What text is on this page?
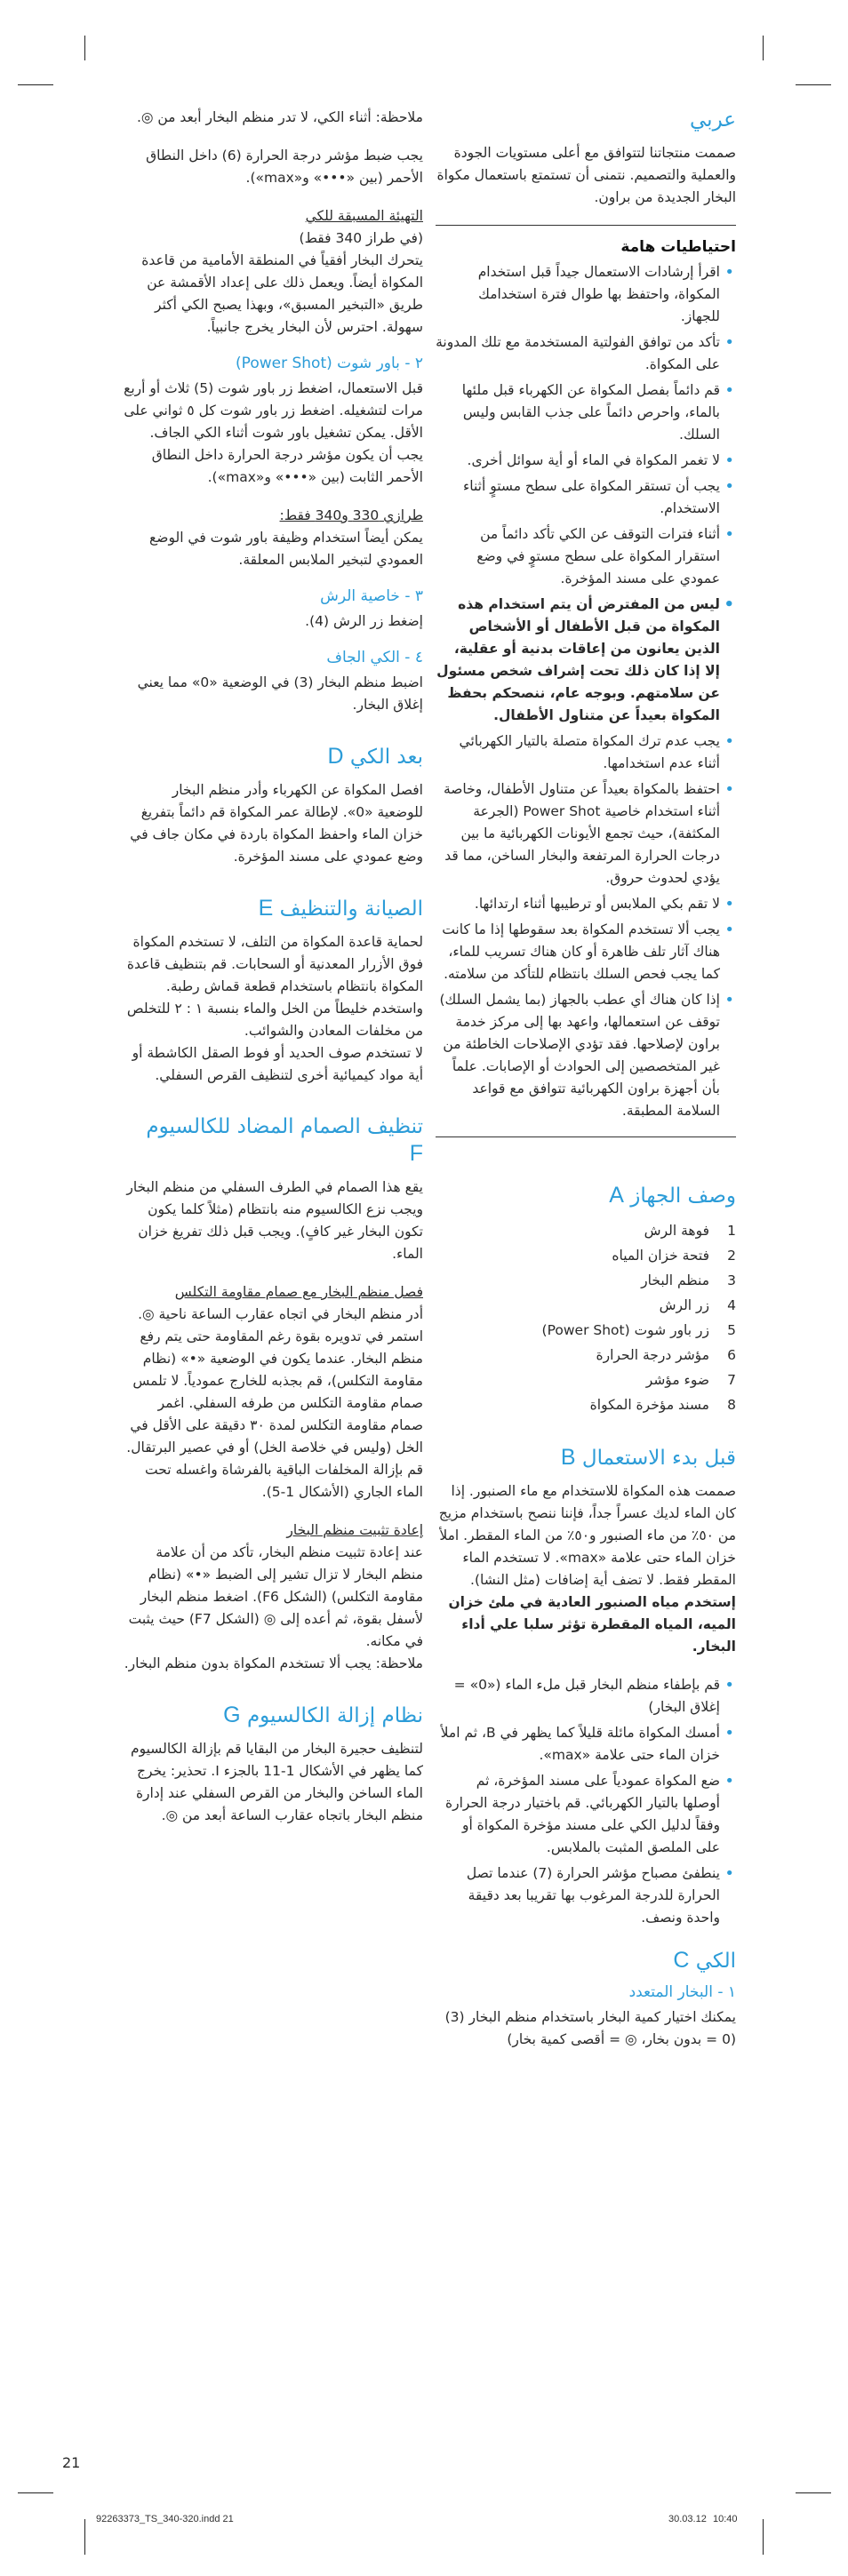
عربي

صممت منتجاتنا لتتوافق مع أعلى مستويات الجودة والعملية والتصميم. نتمنى أن تستمتع باستعمال مكواة البخار الجديدة من براون.

احتياطيات هامة
• اقرأ إرشادات الاستعمال جيداً قبل استخدام المكواة، واحتفظ بها طوال فترة استخدامك للجهاز.
• تأكد من توافق الفولتية المستخدمة مع تلك المدونة على المكواة.
• قم دائماً بفصل المكواة عن الكهرباء قبل ملئها بالماء، واحرص دائماً على جذب القابس وليس السلك.
• لا تغمر المكواة في الماء أو أية سوائل أخرى.
• يجب أن تستقر المكواة على سطح مستوٍ أثناء الاستخدام.
• أثناء فترات التوقف عن الكي تأكد دائماً من استقرار المكواة على سطح مستوٍ في وضع عمودي على مسند المؤخرة.
• ليس من المفترض أن يتم استخدام هذه المكواة من قبل الأطفال أو الأشخاص الذين يعانون من إعاقات بدنية أو عقلية، إلا إذا كان ذلك تحت إشراف شخص مسئول عن سلامتهم. وبوجه عام، ننصحكم بحفظ المكواة بعيداً عن متناول الأطفال.
• يجب عدم ترك المكواة متصلة بالتيار الكهربائي أثناء عدم استخدامها.
• احتفظ بالمكواة بعيداً عن متناول الأطفال، وخاصة أثناء استخدام خاصية Power Shot (الجرعة المكثفة)، حيث تجمع الأيونات الكهربائية ما بين درجات الحرارة المرتفعة والبخار الساخن، مما قد يؤدي لحدوث حروق.
• لا تقم بكي الملابس أو ترطيبها أثناء ارتدائها.
• يجب ألا تستخدم المكواة بعد سقوطها إذا ما كانت هناك آثار تلف ظاهرة أو كان هناك تسريب للماء، كما يجب فحص السلك بانتظام للتأكد من سلامته.
• إذا كان هناك أي عطب بالجهاز (بما يشمل السلك) توقف عن استعمالها، واعهد بها إلى مركز خدمة براون لإصلاحها. فقد تؤدي الإصلاحات الخاطئة من غير المتخصصين إلى الحوادث أو الإصابات. علماً بأن أجهزة براون الكهربائية تتوافق مع قواعد السلامة المطبقة.
وصف الجهاز A
1
فوهة الرش
2
فتحة خزان المياه
3
منظم البخار
4
زر الرش
5
زر باور شوت (Power Shot)
6
مؤشر درجة الحرارة
7
ضوء مؤشر
8
مسند مؤخرة المكواة
قبل بدء الاستعمال B

صممت هذه المكواة للاستخدام مع ماء الصنبور. إذا كان الماء لديك عسراً جداً، فإننا ننصح باستخدام مزيج من ٥٠٪ من ماء الصنبور و٥٠٪ من الماء المقطر. املأ خزان الماء حتى علامة «max». لا تستخدم الماء المقطر فقط. لا تضف أية إضافات (مثل النشا).

إستخدم مياه الصنبور العادية في ملئ خزان الميه، المياه المقطرة تؤثر سلبا علي أداء البخار.

• قم بإطفاء منظم البخار قبل ملء الماء («0» = إغلاق البخار)
• أمسك المكواة مائلة قليلاً كما يظهر في B، ثم املأ خزان الماء حتى علامة «max».
• ضع المكواة عمودياً على مسند المؤخرة، ثم أوصلها بالتيار الكهربائي. قم باختيار درجة الحرارة وفقاً لدليل الكي على مسند مؤخرة المكواة أو على الملصق المثبت بالملابس.
• ينطفئ مصباح مؤشر الحرارة (7) عندما تصل الحرارة للدرجة المرغوب بها تقريبا بعد دقيقة واحدة ونصف.
الكي C
١ - البخار المتعدد

يمكنك اختيار كمية البخار باستخدام منظم البخار (3)

(0 = بدون بخار، ◎ = أقصى كمية بخار)

ملاحظة: أثناء الكي، لا تدر منظم البخار أبعد من ◎.

يجب ضبط مؤشر درجة الحرارة (6) داخل النطاق الأحمر (بين «•••» و«max»).

التهيئة المسبقة للكي

(في طراز 340 فقط)

يتحرك البخار أفقياً في المنطقة الأمامية من قاعدة المكواة أيضاً. ويعمل ذلك على إعداد الأقمشة عن طريق «التبخير المسبق»، وبهذا يصبح الكي أكثر سهولة. احترس لأن البخار يخرج جانبياً.

٢ - باور شوت (Power Shot)

قبل الاستعمال، اضغط زر باور شوت (5) ثلاث أو أربع مرات لتشغيله. اضغط زر باور شوت كل ٥ ثواني على الأقل. يمكن تشغيل باور شوت أثناء الكي الجاف. يجب أن يكون مؤشر درجة الحرارة داخل النطاق الأحمر الثابت (بين «•••» و«max»).

طرازي 330 و340 فقط:

يمكن أيضاً استخدام وظيفة باور شوت في الوضع العمودي لتبخير الملابس المعلقة.

٣ - خاصية الرش

إضغط زر الرش (4).

٤ - الكي الجاف

اضبط منظم البخار (3) في الوضعية «0» مما يعني إغلاق البخار.

بعد الكي D

افصل المكواة عن الكهرباء وأدر منظم البخار للوضعية «0». لإطالة عمر المكواة قم دائماً بتفريغ خزان الماء واحفظ المكواة باردة في مكان جاف في وضع عمودي على مسند المؤخرة.

الصيانة والتنظيف E

لحماية قاعدة المكواة من التلف، لا تستخدم المكواة فوق الأزرار المعدنية أو السحابات. قم بتنظيف قاعدة المكواة بانتظام باستخدام قطعة قماش رطبة. واستخدم خليطاً من الخل والماء بنسبة ١ : ٢ للتخلص من مخلفات المعادن والشوائب.

لا تستخدم صوف الحديد أو فوط الصقل الكاشطة أو أية مواد كيميائية أخرى لتنظيف القرص السفلي.

تنظيف الصمام المضاد للكالسيوم F

يقع هذا الصمام في الطرف السفلي من منظم البخار ويجب نزع الكالسيوم منه بانتظام (مثلاً كلما يكون تكون البخار غير كافٍ). ويجب قبل ذلك تفريغ خزان الماء.

فصل منظم البخار مع صمام مقاومة التكلس

أدر منظم البخار في اتجاه عقارب الساعة ناحية ◎. استمر في تدويره بقوة رغم المقاومة حتى يتم رفع منظم البخار. عندما يكون في الوضعية «•» (نظام مقاومة التكلس)، قم بجذبه للخارج عمودياً. لا تلمس صمام مقاومة التكلس من طرفه السفلي. اغمر صمام مقاومة التكلس لمدة ٣٠ دقيقة على الأقل في الخل (وليس في خلاصة الخل) أو في عصير البرتقال. قم بإزالة المخلفات الباقية بالفرشاة واغسله تحت الماء الجاري (الأشكال 1-5).

إعادة تثبيت منظم البخار

عند إعادة تثبيت منظم البخار، تأكد من أن علامة منظم البخار لا تزال تشير إلى الضبط «•» (نظام مقاومة التكلس) (الشكل F6). اضغط منظم البخار لأسفل بقوة، ثم أعده إلى ◎ (الشكل F7) حيث يثبت في مكانه.

ملاحظة: يجب ألا تستخدم المكواة بدون منظم البخار.

نظام إزالة الكالسيوم G

لتنظيف حجيرة البخار من البقايا قم بإزالة الكالسيوم كما يظهر في الأشكال 1-11 بالجزء I. تحذير: يخرج الماء الساخن والبخار من القرص السفلي عند إدارة منظم البخار باتجاه عقارب الساعة أبعد من ◎.

21
92263373_TS_340-320.indd 21	30.03.12 10:40
